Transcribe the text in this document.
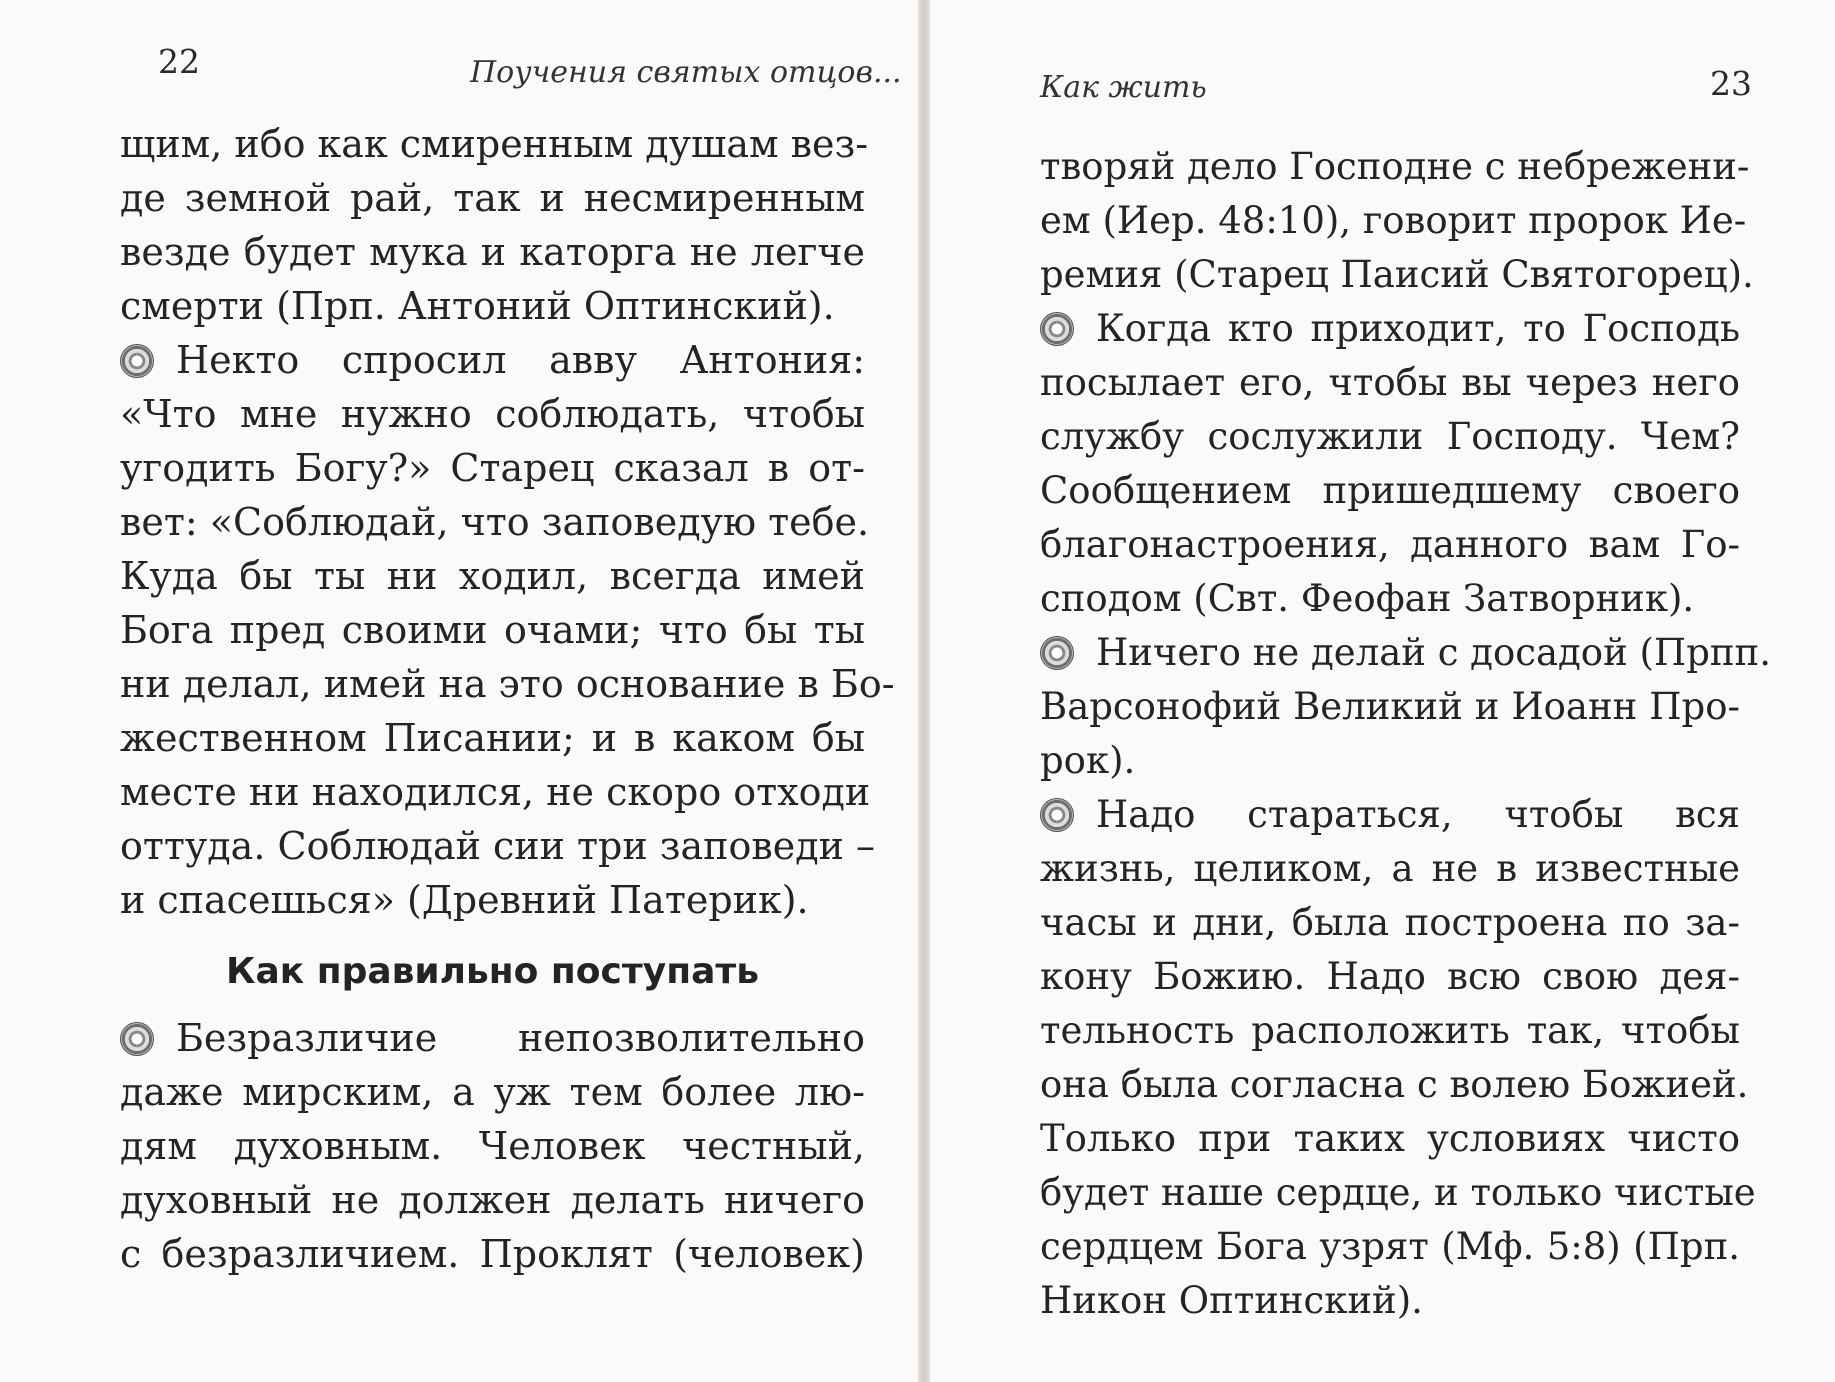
22	Поучения святых отцов...
щим, ибо как смиренным душам вез-
де земной рай, так и несмиренным
везде будет мука и каторга не легче
смерти (Прп. Антоний Оптинский).
Некто спросил авву Антония:
«Что мне нужно соблюдать, чтобы
угодить Богу?» Старец сказал в от-
вет: «Соблюдай, что заповедую тебе.
Куда бы ты ни ходил, всегда имей
Бога пред своими очами; что бы ты
ни делал, имей на это основание в Бо-
жественном Писании; и в каком бы
месте ни находился, не скоро отходи
оттуда. Соблюдай сии три заповеди –
и спасешься» (Древний Патерик).
Как правильно поступать
Безразличие непозволительно
даже мирским, а уж тем более лю-
дям духовным. Человек честный,
духовный не должен делать ничего
с безразличием. Проклят (человек)
Как жить	23
творяй дело Господне с небрежени-
ем (Иер. 48:10), говорит пророк Ие-
ремия (Старец Паисий Святогорец).
Когда кто приходит, то Господь
посылает его, чтобы вы через него
службу сослужили Господу. Чем?
Сообщением пришедшему своего
благонастроения, данного вам Го-
сподом (Свт. Феофан Затворник).
Ничего не делай с досадой (Прпп.
Варсонофий Великий и Иоанн Про-
рок).
Надо стараться, чтобы вся
жизнь, целиком, а не в известные
часы и дни, была построена по за-
кону Божию. Надо всю свою дея-
тельность расположить так, чтобы
она была согласна с волею Божией.
Только при таких условиях чисто
будет наше сердце, и только чистые
сердцем Бога узрят (Мф. 5:8) (Прп.
Никон Оптинский).
